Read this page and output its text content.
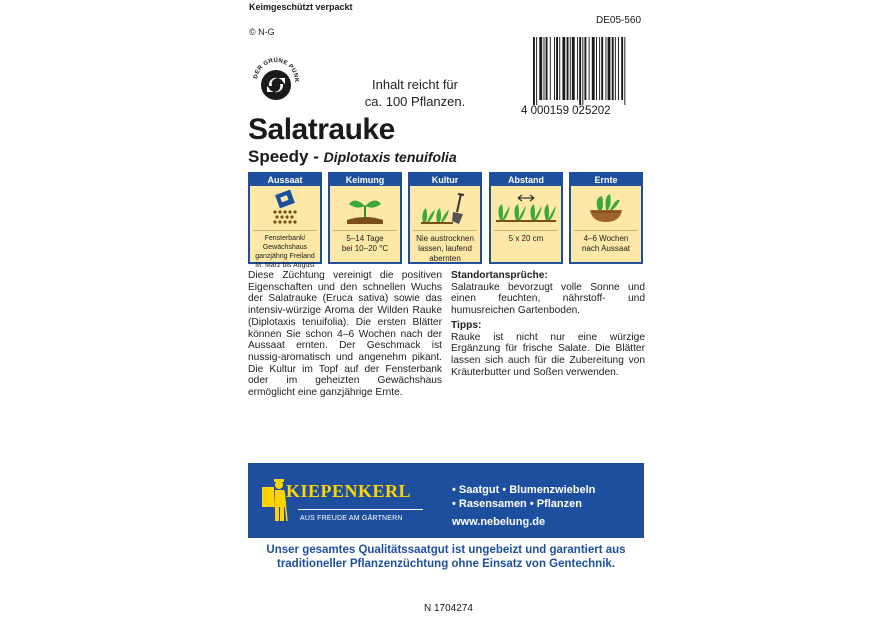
Keimgeschützt verpackt
DE05-560
© N-G
DER GRÜNE PUNK	Inhalt reicht für
ca. 100 Pflanzen.
4 000159 025202
Salatrauke
Speedy - Diplotaxis tenuifolia
Aussaat
Fensterbank/
Gewächshaus
ganzjährig Freiland
M. März bis August
Keimung
5–14 Tage
bei 10–20 °C
Kultur
Nie austrocknen
lassen, laufend
abernten
Abstand
5 x 20 cm
Ernte
4–6 Wochen
nach Aussaat
Diese Züchtung vereinigt die positiven Eigenschaften und den schnellen Wuchs der Salatrauke (Eruca sativa) sowie das intensiv-würzige Aroma der Wilden Rauke (Diplotaxis tenuifolia). Die ersten Blätter können Sie schon 4–6 Wochen nach der Aussaat ernten. Der Geschmack ist nussig-aromatisch und angenehm pikant. Die Kultur im Topf auf der Fensterbank oder im geheizten Gewächshaus ermöglicht eine ganzjährige Ernte.
Standortansprüche:

Salatrauke bevorzugt volle Sonne und einen feuchten, nährstoff- und humusreichen Gartenboden.

Tipps:

Rauke ist nicht nur eine würzige Ergänzung für frische Salate. Die Blätter lassen sich auch für die Zubereitung von Kräuterbutter und Soßen verwenden.

KIEPENKERL
AUS FREUDE AM GÄRTNERN
• Saatgut • Blumenzwiebeln
• Rasensamen • Pflanzen
www.nebelung.de
Unser gesamtes Qualitätssaatgut ist ungebeizt und garantiert aus
traditioneller Pflanzenzüchtung ohne Einsatz von Gentechnik.
N 1704274
